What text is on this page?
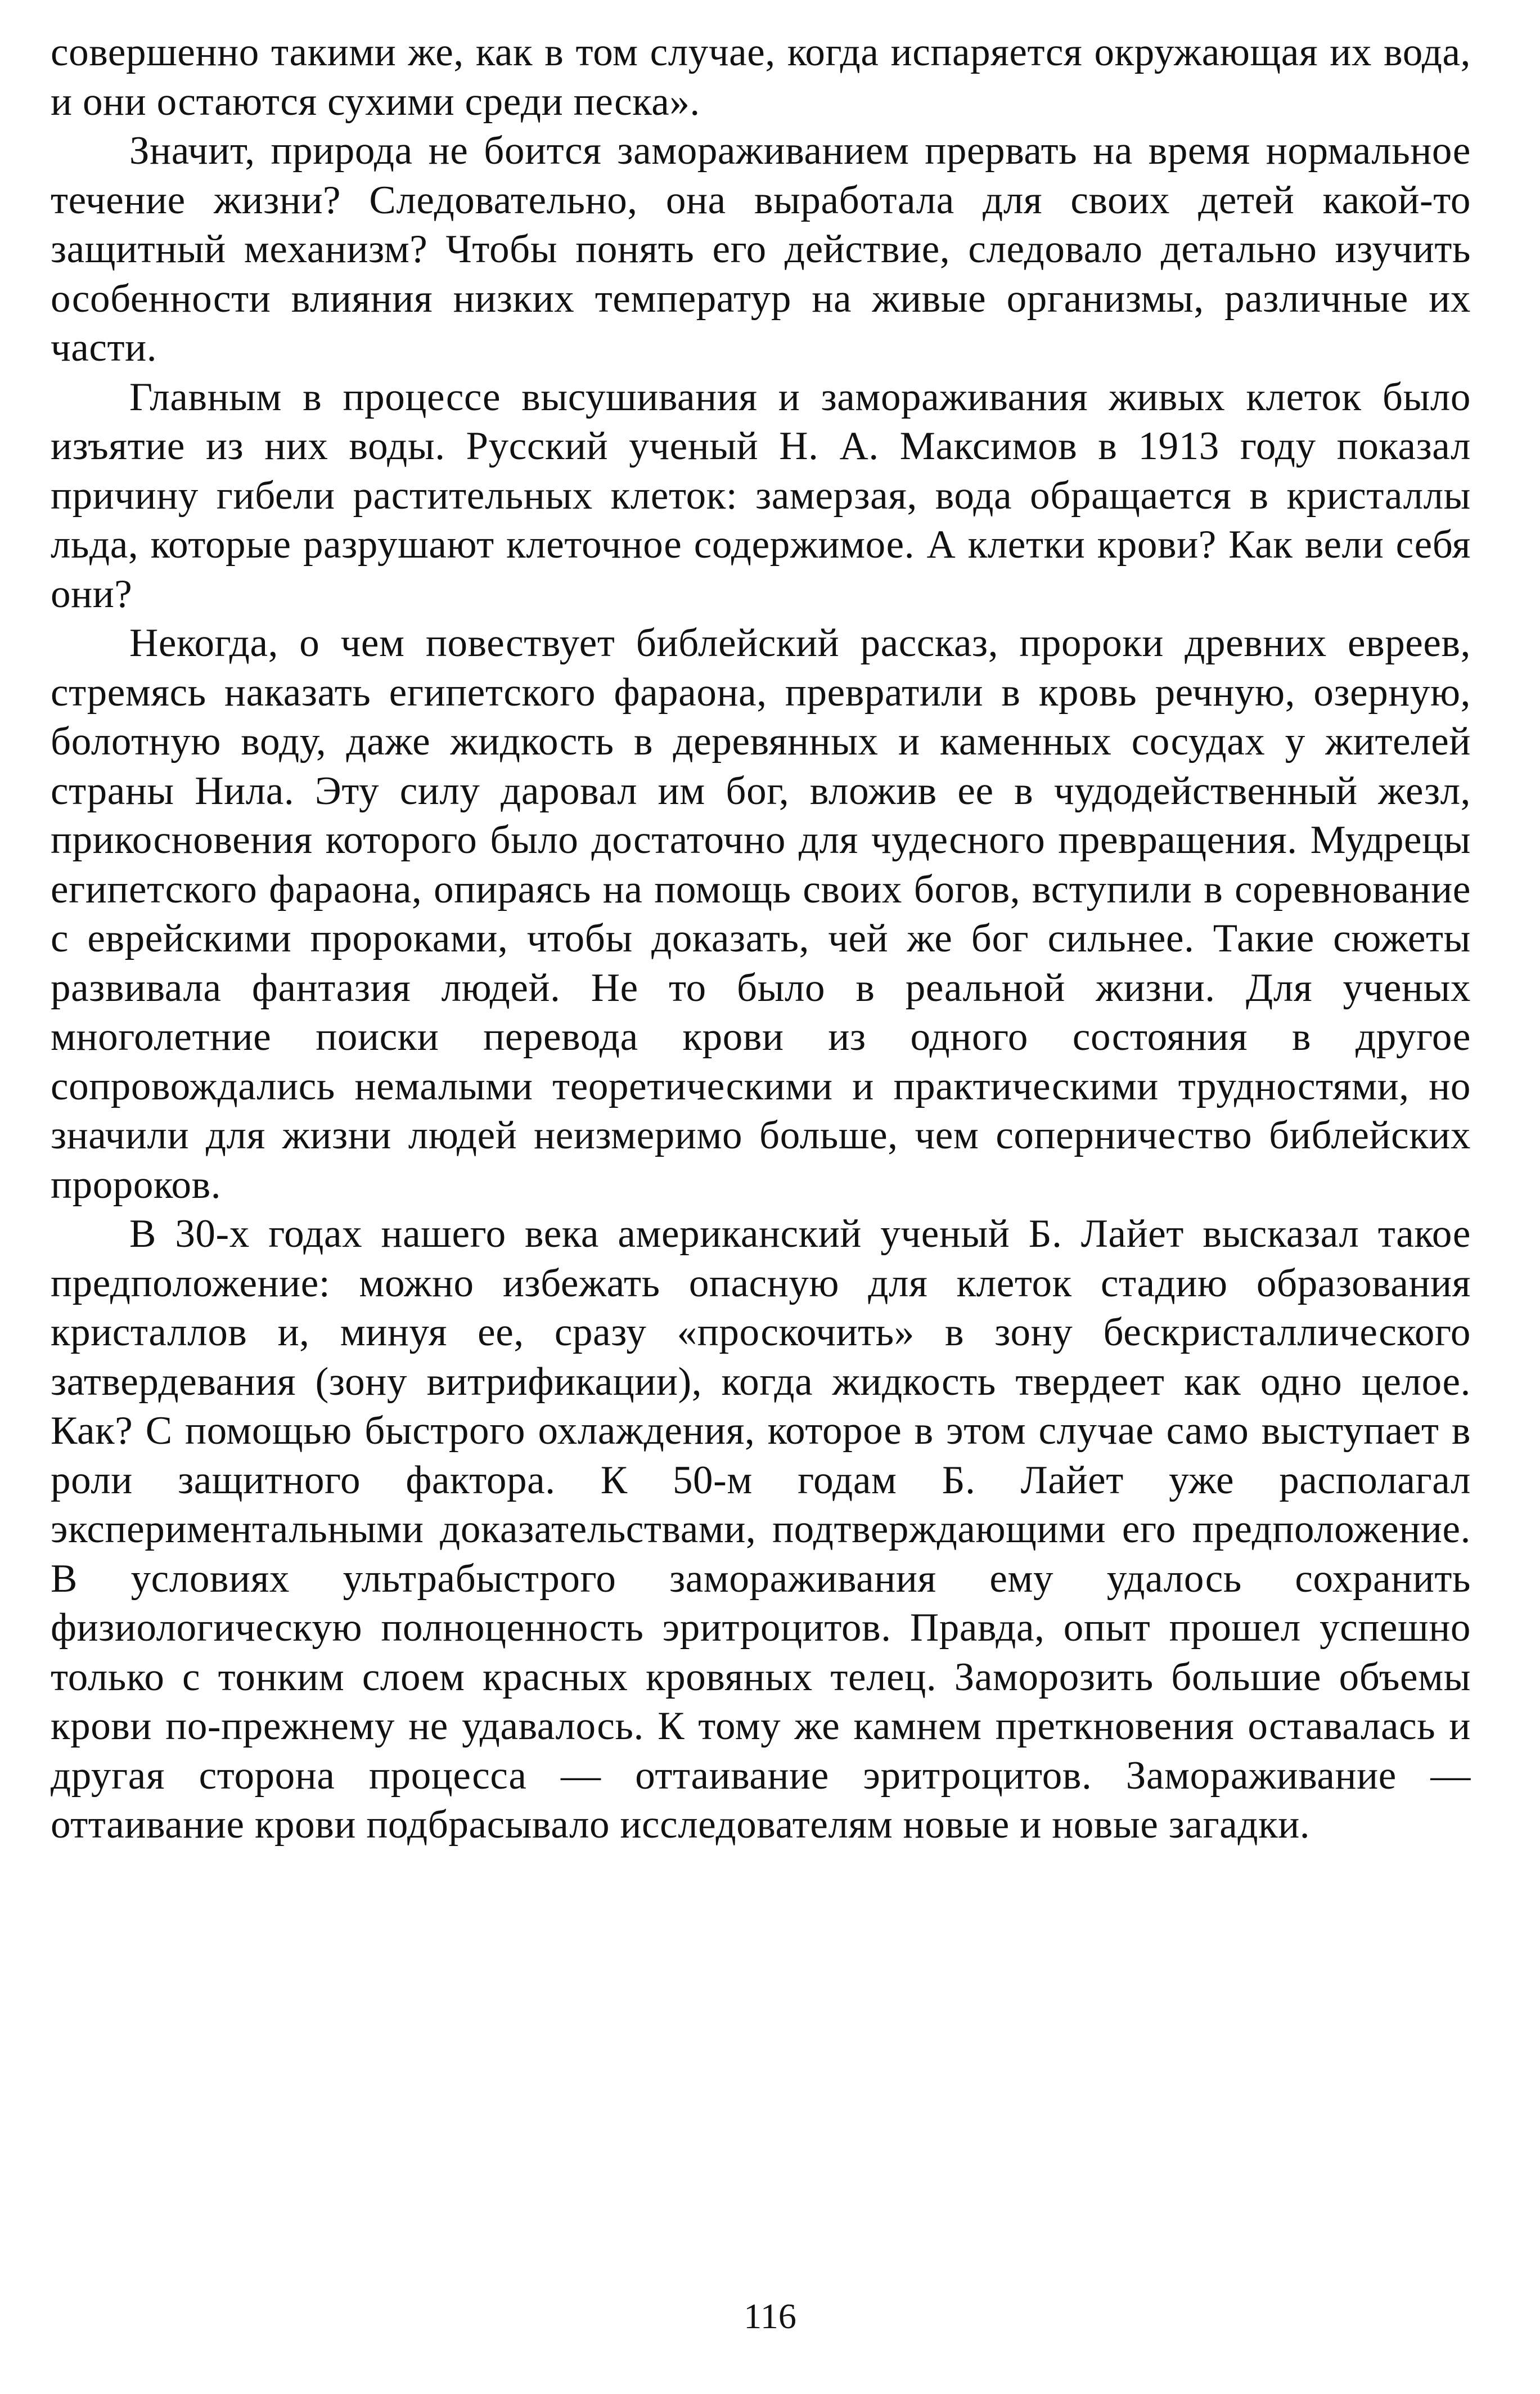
совершенно такими же, как в том случае, когда испаряется окружающая их вода, и они остаются сухими среди песка».

Значит, природа не боится замораживанием прервать на время нормальное течение жизни? Следовательно, она выработала для своих детей какой-то защитный механизм? Чтобы понять его действие, следовало детально изучить особенности влияния низких температур на живые организмы, различные их части.

Главным в процессе высушивания и замораживания живых клеток было изъятие из них воды. Русский ученый Н. А. Максимов в 1913 году показал причину гибели растительных клеток: замерзая, вода обращается в кристаллы льда, которые разрушают клеточное содержимое. А клетки крови? Как вели себя они?

Некогда, о чем повествует библейский рассказ, пророки древних евреев, стремясь наказать египетского фараона, превратили в кровь речную, озерную, болотную воду, даже жидкость в деревянных и каменных сосудах у жителей страны Нила. Эту силу даровал им бог, вложив ее в чудодейственный жезл, прикосновения которого было достаточно для чудесного превращения. Мудрецы египетского фараона, опираясь на помощь своих богов, вступили в соревнование с еврейскими пророками, чтобы доказать, чей же бог сильнее. Такие сюжеты развивала фантазия людей. Не то было в реальной жизни. Для ученых многолетние поиски перевода крови из одного состояния в другое сопровождались немалыми теоретическими и практическими трудностями, но значили для жизни людей неизмеримо больше, чем соперничество библейских пророков.

В 30-х годах нашего века американский ученый Б. Лайет высказал такое предположение: можно избежать опасную для клеток стадию образования кристаллов и, минуя ее, сразу «проскочить» в зону бескристаллического затвердевания (зону витрификации), когда жидкость твердеет как одно целое. Как? С помощью быстрого охлаждения, которое в этом случае само выступает в роли защитного фактора. К 50-м годам Б. Лайет уже располагал экспериментальными доказательствами, подтверждающими его предположение. В условиях ультрабыстрого замораживания ему удалось сохранить физиологическую полноценность эритроцитов. Правда, опыт прошел успешно только с тонким слоем красных кровяных телец. Заморозить большие объемы крови по-прежнему не удавалось. К тому же камнем преткновения оставалась и другая сторона процесса — оттаивание эритроцитов. Замораживание — оттаивание крови подбрасывало исследователям новые и новые загадки.

116
